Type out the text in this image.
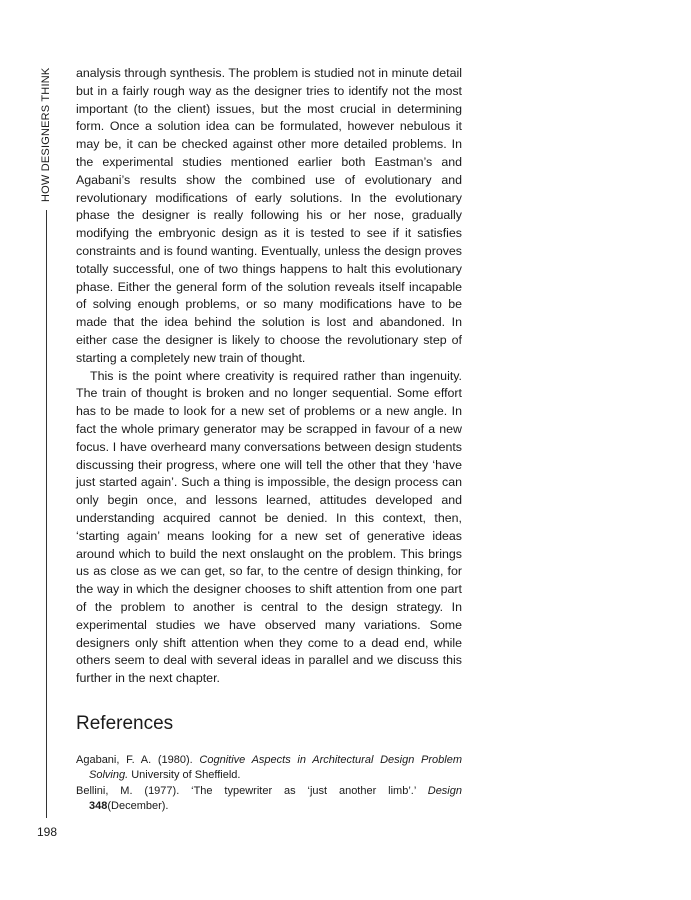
HOW DESIGNERS THINK analysis through synthesis. The problem is studied not in minute detail but in a fairly rough way as the designer tries to identify not the most important (to the client) issues, but the most crucial in determining form. Once a solution idea can be formulated, however nebulous it may be, it can be checked against other more detailed problems. In the experimental studies mentioned earlier both Eastman’s and Agabani’s results show the combined use of evolutionary and revolutionary modifications of early solutions. In the evolutionary phase the designer is really following his or her nose, gradually modifying the embryonic design as it is tested to see if it satisfies constraints and is found wanting. Eventually, unless the design proves totally successful, one of two things happens to halt this evolutionary phase. Either the general form of the solution reveals itself incapable of solving enough problems, or so many modifications have to be made that the idea behind the solution is lost and abandoned. In either case the designer is likely to choose the revolutionary step of starting a completely new train of thought.

This is the point where creativity is required rather than ingenuity. The train of thought is broken and no longer sequential. Some effort has to be made to look for a new set of problems or a new angle. In fact the whole primary generator may be scrapped in favour of a new focus. I have overheard many conversations between design students discussing their progress, where one will tell the other that they ‘have just started again’. Such a thing is impossible, the design process can only begin once, and lessons learned, attitudes developed and understanding acquired cannot be denied. In this context, then, ‘starting again’ means looking for a new set of generative ideas around which to build the next onslaught on the problem. This brings us as close as we can get, so far, to the centre of design thinking, for the way in which the designer chooses to shift attention from one part of the problem to another is central to the design strategy. In experimental studies we have observed many variations. Some designers only shift attention when they come to a dead end, while others seem to deal with several ideas in parallel and we discuss this further in the next chapter.

References

Agabani, F. A. (1980). Cognitive Aspects in Architectural Design Problem Solving. University of Sheffield.

Bellini, M. (1977). ‘The typewriter as ‘just another limb’.’ Design 348(December).

198
